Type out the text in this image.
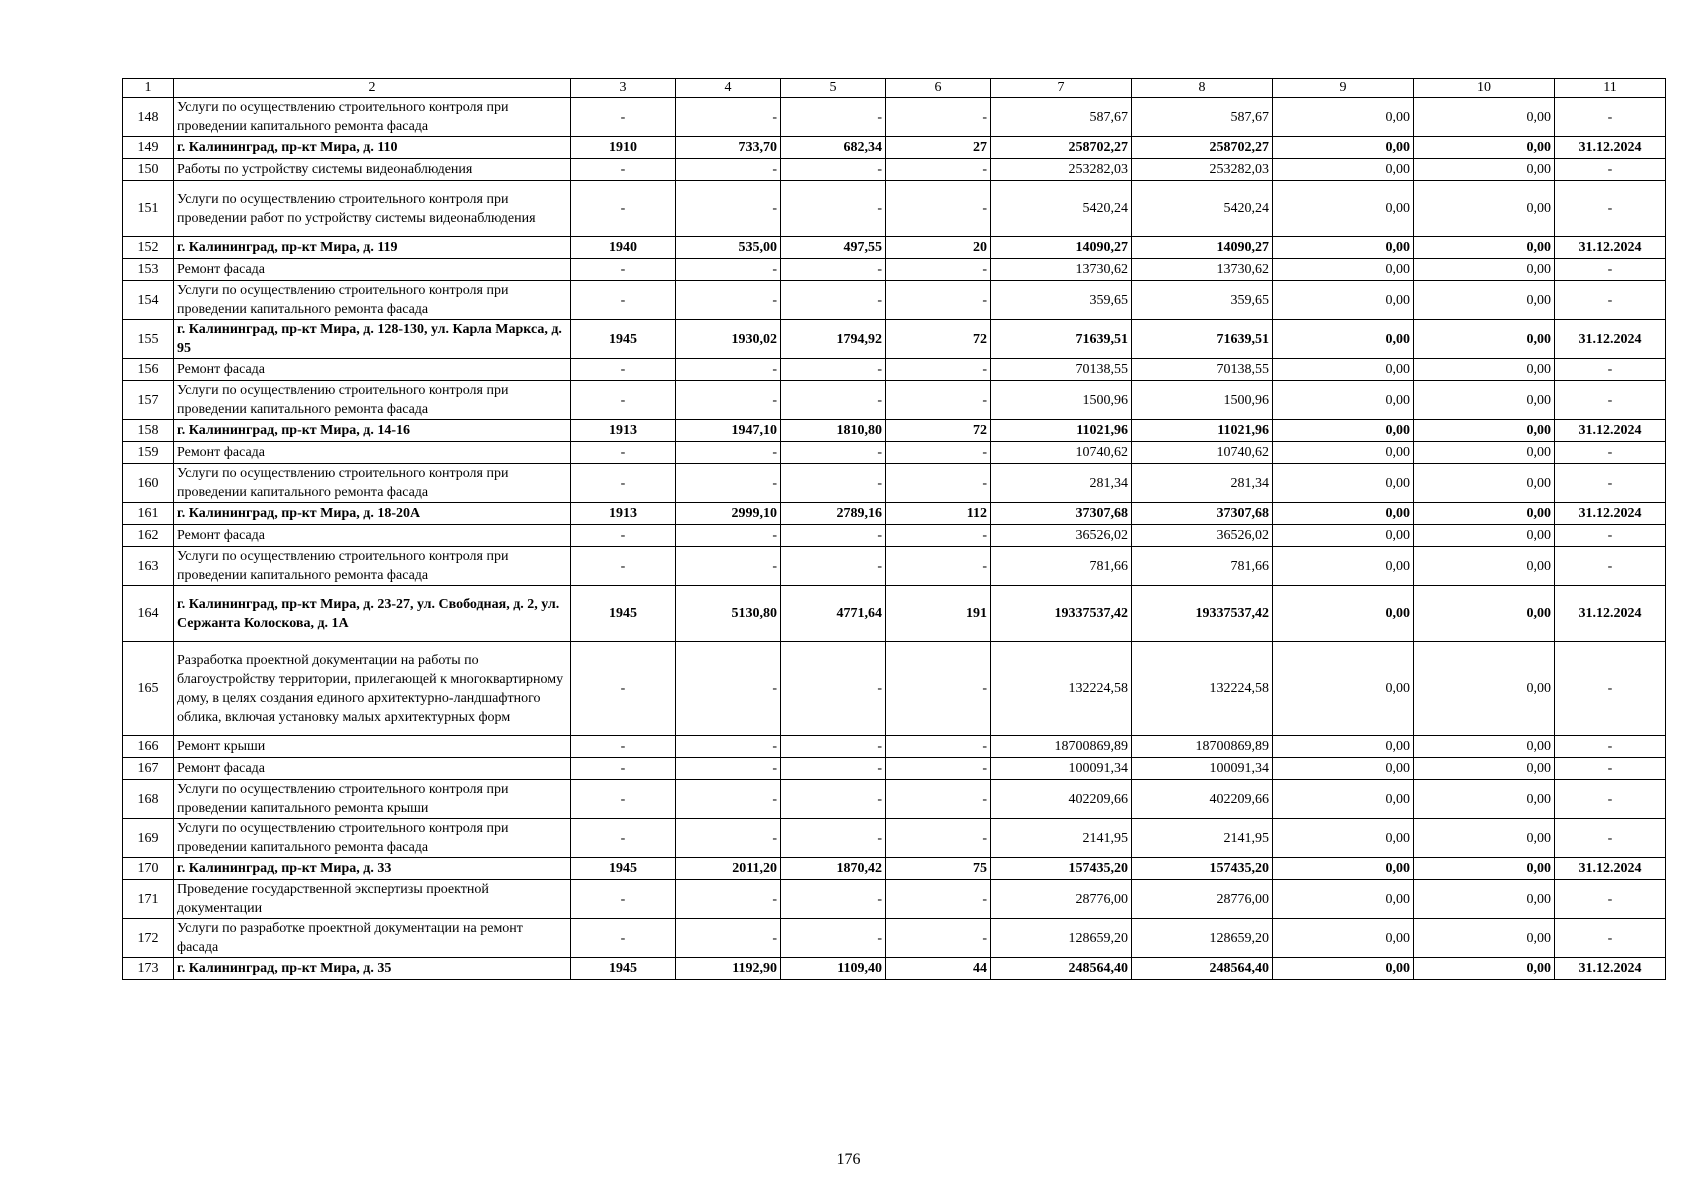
1	2	3	4	5	6	7	8	9	10	11
148	Услуги по осуществлению строительного контроля при проведении капитального ремонта фасада	-	-	-	-	587,67	587,67	0,00	0,00	-
149	г. Калининград, пр-кт Мира, д. 110	1910	733,70	682,34	27	258702,27	258702,27	0,00	0,00	31.12.2024
150	Работы по устройству системы видеонаблюдения	-	-	-	-	253282,03	253282,03	0,00	0,00	-
151	Услуги по осуществлению строительного контроля при проведении работ по устройству системы видеонаблюдения	-	-	-	-	5420,24	5420,24	0,00	0,00	-
152	г. Калининград, пр-кт Мира, д. 119	1940	535,00	497,55	20	14090,27	14090,27	0,00	0,00	31.12.2024
153	Ремонт фасада	-	-	-	-	13730,62	13730,62	0,00	0,00	-
154	Услуги по осуществлению строительного контроля при проведении капитального ремонта фасада	-	-	-	-	359,65	359,65	0,00	0,00	-
155	г. Калининград, пр-кт Мира, д. 128-130, ул. Карла Маркса, д. 95	1945	1930,02	1794,92	72	71639,51	71639,51	0,00	0,00	31.12.2024
156	Ремонт фасада	-	-	-	-	70138,55	70138,55	0,00	0,00	-
157	Услуги по осуществлению строительного контроля при проведении капитального ремонта фасада	-	-	-	-	1500,96	1500,96	0,00	0,00	-
158	г. Калининград, пр-кт Мира, д. 14-16	1913	1947,10	1810,80	72	11021,96	11021,96	0,00	0,00	31.12.2024
159	Ремонт фасада	-	-	-	-	10740,62	10740,62	0,00	0,00	-
160	Услуги по осуществлению строительного контроля при проведении капитального ремонта фасада	-	-	-	-	281,34	281,34	0,00	0,00	-
161	г. Калининград, пр-кт Мира, д. 18-20А	1913	2999,10	2789,16	112	37307,68	37307,68	0,00	0,00	31.12.2024
162	Ремонт фасада	-	-	-	-	36526,02	36526,02	0,00	0,00	-
163	Услуги по осуществлению строительного контроля при проведении капитального ремонта фасада	-	-	-	-	781,66	781,66	0,00	0,00	-
164	г. Калининград, пр-кт Мира, д. 23-27, ул. Свободная, д. 2, ул. Сержанта Колоскова, д. 1А	1945	5130,80	4771,64	191	19337537,42	19337537,42	0,00	0,00	31.12.2024
165	Разработка проектной документации на работы по благоустройству территории, прилегающей к многоквартирному дому, в целях создания единого архитектурно-ландшафтного облика, включая установку малых архитектурных форм	-	-	-	-	132224,58	132224,58	0,00	0,00	-
166	Ремонт крыши	-	-	-	-	18700869,89	18700869,89	0,00	0,00	-
167	Ремонт фасада	-	-	-	-	100091,34	100091,34	0,00	0,00	-
168	Услуги по осуществлению строительного контроля при проведении капитального ремонта крыши	-	-	-	-	402209,66	402209,66	0,00	0,00	-
169	Услуги по осуществлению строительного контроля при проведении капитального ремонта фасада	-	-	-	-	2141,95	2141,95	0,00	0,00	-
170	г. Калининград, пр-кт Мира, д. 33	1945	2011,20	1870,42	75	157435,20	157435,20	0,00	0,00	31.12.2024
171	Проведение государственной экспертизы проектной документации	-	-	-	-	28776,00	28776,00	0,00	0,00	-
172	Услуги по разработке проектной документации на ремонт фасада	-	-	-	-	128659,20	128659,20	0,00	0,00	-
173	г. Калининград, пр-кт Мира, д. 35	1945	1192,90	1109,40	44	248564,40	248564,40	0,00	0,00	31.12.2024
176
